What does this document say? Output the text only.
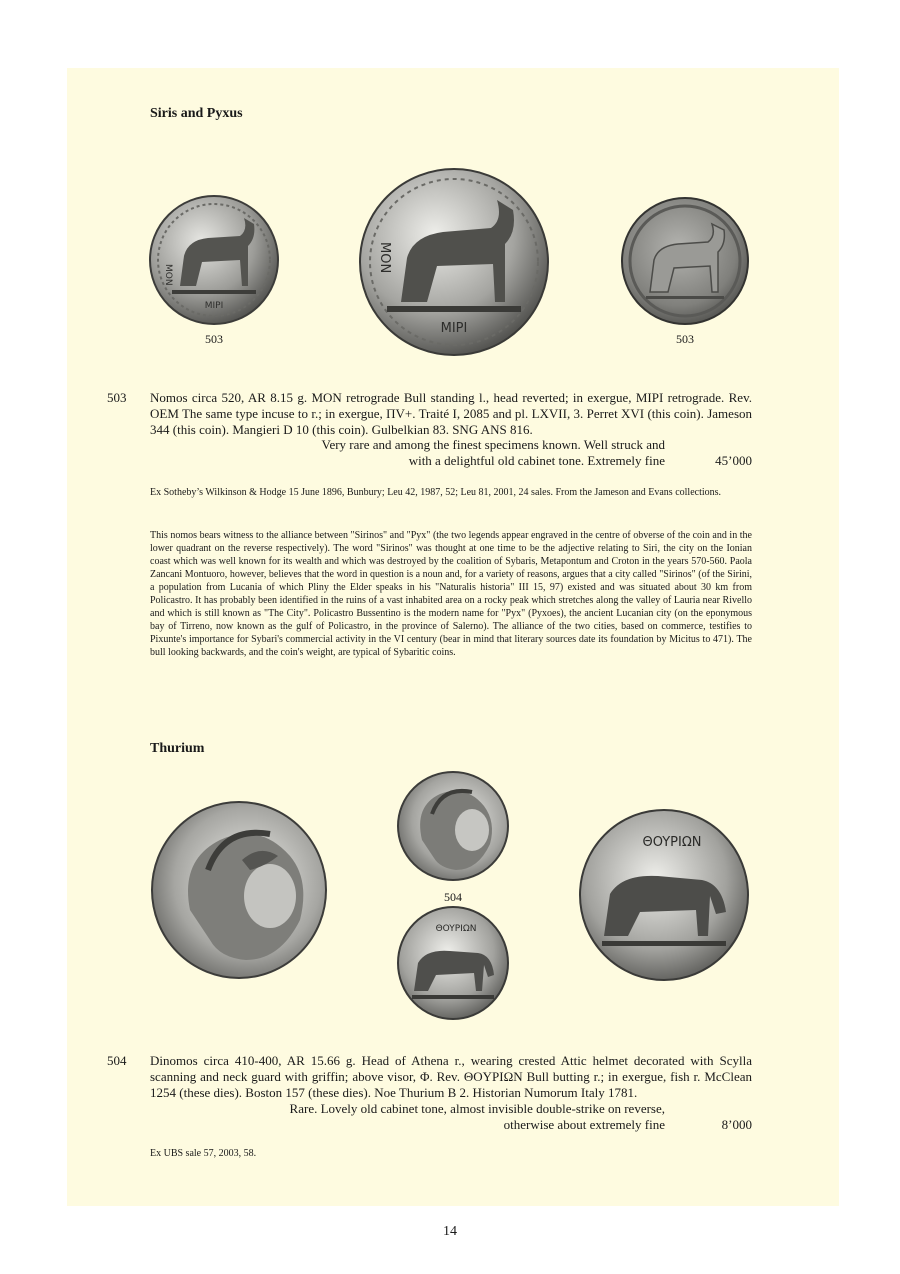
Siris and Pyxus
MIPI
MON
MIPI
MON
503	503
503 Nomos circa 520, AR 8.15 g. MON retrograde Bull standing l., head reverted; in exergue, MIPI retrograde. Rev. OEM The same type incuse to r.; in exergue, ΠV+. Traité I, 2085 and pl. LXVII, 3. Perret XVI (this coin). Jameson 344 (this coin). Mangieri D 10 (this coin). Gulbelkian 83. SNG ANS 816.
Very rare and among the finest specimens known. Well struck and
with a delightful old cabinet tone. Extremely fine	45’000
Ex Sotheby’s Wilkinson & Hodge 15 June 1896, Bunbury; Leu 42, 1987, 52; Leu 81, 2001, 24 sales. From the Jameson and Evans collections.
This nomos bears witness to the alliance between "Sirinos" and "Pyx" (the two legends appear engraved in the centre of obverse of the coin and in the lower quadrant on the reverse respectively). The word "Sirinos" was thought at one time to be the adjective relating to Siri, the city on the Ionian coast which was well known for its wealth and which was destroyed by the coalition of Sybaris, Metapontum and Croton in the years 570-560. Paola Zancani Montuoro, however, believes that the word in question is a noun and, for a variety of reasons, argues that a city called "Sirinos" (of the Sirini, a population from Lucania of which Pliny the Elder speaks in his "Naturalis historia" III 15, 97) existed and was situated about 30 km from Policastro. It has probably been identified in the ruins of a vast inhabited area on a rocky peak which stretches along the valley of Lauria near Rivello and which is still known as "The City". Policastro Bussentino is the modern name for "Pyx" (Pyxoes), the ancient Lucanian city (on the eponymous bay of Tirreno, now known as the gulf of Policastro, in the province of Salerno). The alliance of the two cities, based on commerce, testifies to Pixunte's importance for Sybari's commercial activity in the VI century (bear in mind that literary sources date its foundation by Micitus to 471). The bull looking backwards, and the coin's weight, are typical of Sybaritic coins.
Thurium
504
ΘOYPIΩN
ΘOYPIΩN
504 Dinomos circa 410-400, AR 15.66 g. Head of Athena r., wearing crested Attic helmet decorated with Scylla scanning and neck guard with griffin; above visor, Φ. Rev. ΘOYPIΩN Bull butting r.; in exergue, fish r. McClean 1254 (these dies). Boston 157 (these dies). Noe Thurium B 2. Historian Numorum Italy 1781.
Rare. Lovely old cabinet tone, almost invisible double-strike on reverse,
otherwise about extremely fine	8’000
Ex UBS sale 57, 2003, 58.
14
